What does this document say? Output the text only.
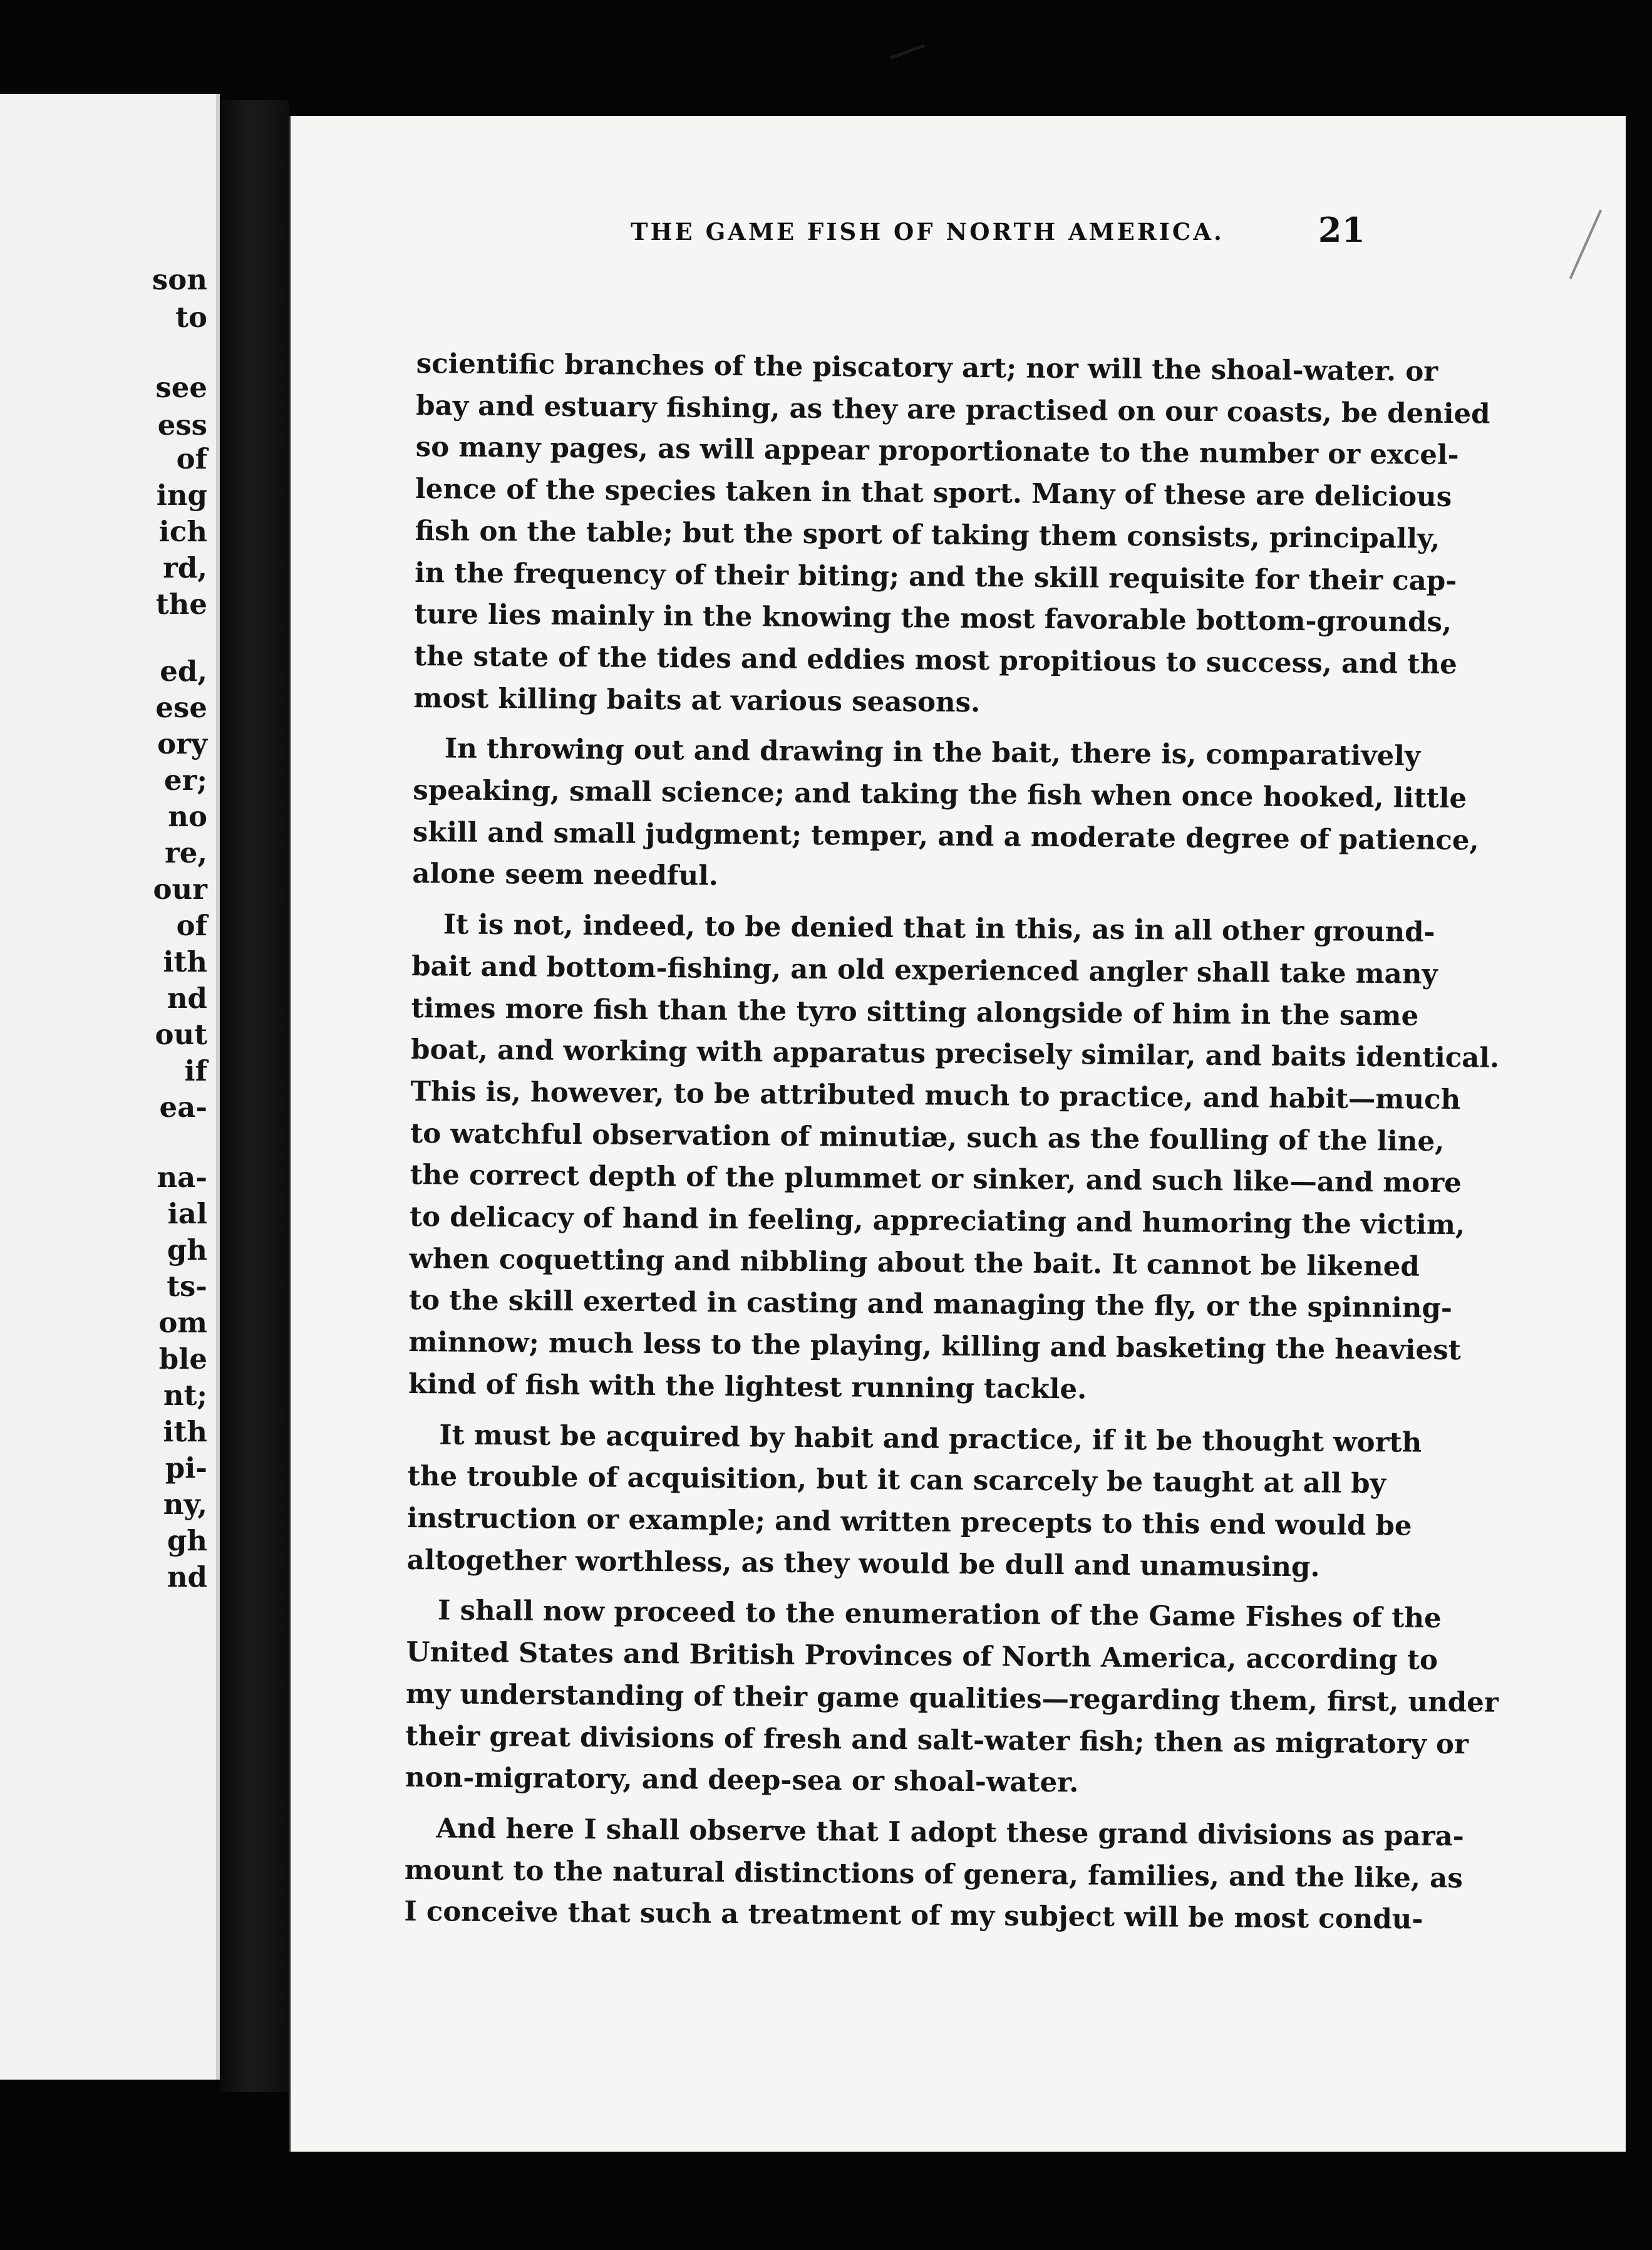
son
to
see
ess
of
ing
ich
rd,
the
ed,
ese
ory
er;
no
re,
our
of
ith
nd
out
if
ea-
na-
ial
gh
ts-
om
ble
nt;
ith
pi-
ny,
gh
nd
THE GAME FISH OF NORTH AMERICA.	21
scientific branches of the piscatory art; nor will the shoal-water. or
bay and estuary fishing, as they are practised on our coasts, be denied
so many pages, as will appear proportionate to the number or excel-
lence of the species taken in that sport. Many of these are delicious
fish on the table; but the sport of taking them consists, principally,
in the frequency of their biting; and the skill requisite for their cap-
ture lies mainly in the knowing the most favorable bottom-grounds,
the state of the tides and eddies most propitious to success, and the
most killing baits at various seasons.
In throwing out and drawing in the bait, there is, comparatively
speaking, small science; and taking the fish when once hooked, little
skill and small judgment; temper, and a moderate degree of patience,
alone seem needful.
It is not, indeed, to be denied that in this, as in all other ground-
bait and bottom-fishing, an old experienced angler shall take many
times more fish than the tyro sitting alongside of him in the same
boat, and working with apparatus precisely similar, and baits identical.
This is, however, to be attributed much to practice, and habit—much
to watchful observation of minutiæ, such as the foulling of the line,
the correct depth of the plummet or sinker, and such like—and more
to delicacy of hand in feeling, appreciating and humoring the victim,
when coquetting and nibbling about the bait. It cannot be likened
to the skill exerted in casting and managing the fly, or the spinning-
minnow; much less to the playing, killing and basketing the heaviest
kind of fish with the lightest running tackle.
It must be acquired by habit and practice, if it be thought worth
the trouble of acquisition, but it can scarcely be taught at all by
instruction or example; and written precepts to this end would be
altogether worthless, as they would be dull and unamusing.
I shall now proceed to the enumeration of the Game Fishes of the
United States and British Provinces of North America, according to
my understanding of their game qualities—regarding them, first, under
their great divisions of fresh and salt-water fish; then as migratory or
non-migratory, and deep-sea or shoal-water.
And here I shall observe that I adopt these grand divisions as para-
mount to the natural distinctions of genera, families, and the like, as
I conceive that such a treatment of my subject will be most condu-
